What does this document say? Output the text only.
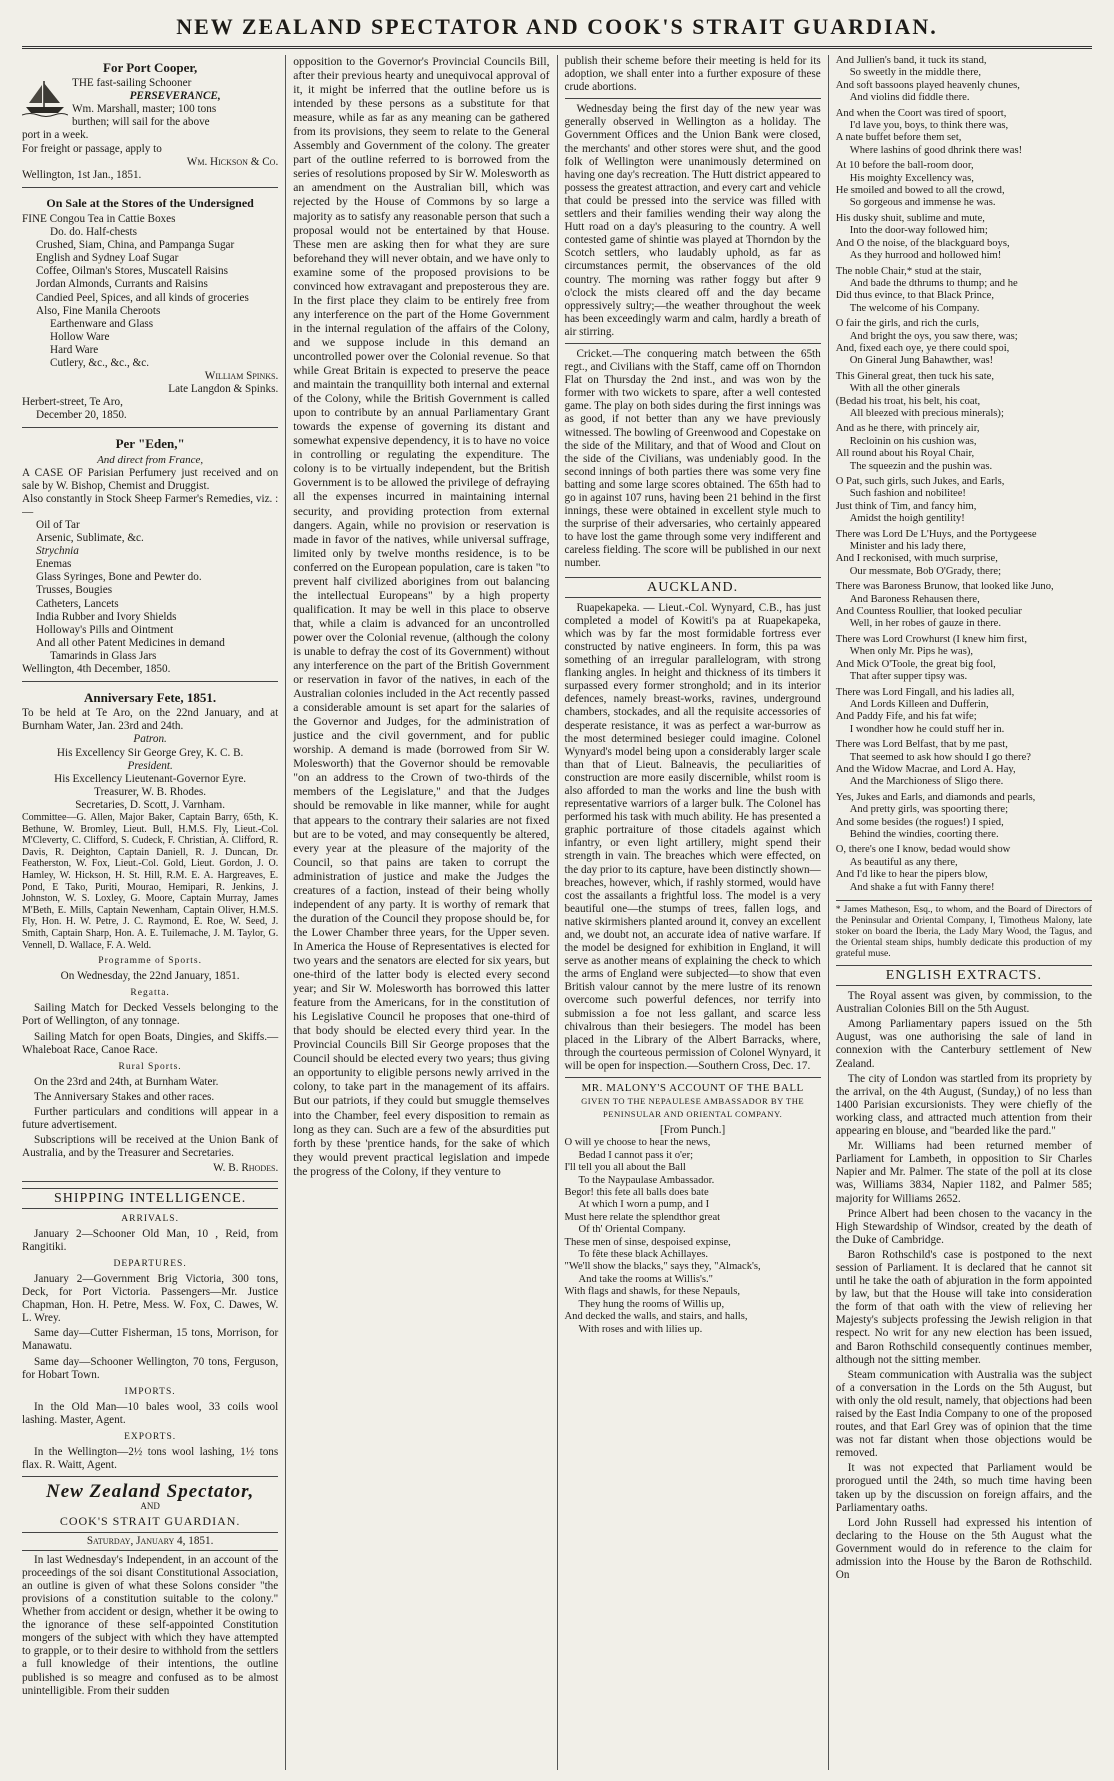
NEW ZEALAND SPECTATOR AND COOK'S STRAIT GUARDIAN.
For Port Cooper,
THE fast-sailing Schooner
PERSEVERANCE,
Wm. Marshall, master; 100 tons
burthen; will sail for the above
port in a week.
For freight or passage, apply to
Wm. Hickson & Co.
Wellington, 1st Jan., 1851.
On Sale at the Stores of the Undersigned
FINE Congou Tea in Cattie Boxes
Do. do. Half-chests
Crushed, Siam, China, and Pampanga Sugar
English and Sydney Loaf Sugar
Coffee, Oilman's Stores, Muscatell Raisins
Jordan Almonds, Currants and Raisins
Candied Peel, Spices, and all kinds of groceries
Also, Fine Manila Cheroots
Earthenware and Glass
Hollow Ware
Hard Ware
Cutlery, &c., &c., &c.
William Spinks.
Late Langdon & Spinks.
Herbert-street, Te Aro,
December 20, 1850.
Per "Eden,"
And direct from France,
A CASE OF Parisian Perfumery just received and on sale by W. Bishop, Chemist and Druggist.
Also constantly in Stock Sheep Farmer's Remedies, viz. :—
Oil of Tar
Arsenic, Sublimate, &c.
Strychnia
Enemas
Glass Syringes, Bone and Pewter do.
Trusses, Bougies
Catheters, Lancets
India Rubber and Ivory Shields
Holloway's Pills and Ointment
And all other Patent Medicines in demand
Tamarinds in Glass Jars
Wellington, 4th December, 1850.
Anniversary Fete, 1851.
To be held at Te Aro, on the 22nd January, and at Burnham Water, Jan. 23rd and 24th.
Patron.
His Excellency Sir George Grey, K. C. B.
President.
His Excellency Lieutenant-Governor Eyre.
Treasurer, W. B. Rhodes.
Secretaries, D. Scott, J. Varnham.
Committee—G. Allen, Major Baker, Captain Barry, 65th, K. Bethune, W. Bromley, Lieut. Bull, H.M.S. Fly, Lieut.-Col. M'Cleverty, C. Clifford, S. Cudeck, F. Christian, A. Clifford, R. Davis, R. Deighton, Captain Daniell, R. J. Duncan, Dr. Featherston, W. Fox, Lieut.-Col. Gold, Lieut. Gordon, J. O. Hamley, W. Hickson, H. St. Hill, R.M. E. A. Hargreaves, E. Pond, E Tako, Puriti, Mourao, Hemipari, R. Jenkins, J. Johnston, W. S. Loxley, G. Moore, Captain Murray, James M'Beth, E. Mills, Captain Newenham, Captain Oliver, H.M.S. Fly, Hon. H. W. Petre, J. C. Raymond, E. Roe, W. Seed, J. Smith, Captain Sharp, Hon. A. E. Tuilemache, J. M. Taylor, G. Vennell, D. Wallace, F. A. Weld.
Programme of Sports.
On Wednesday, the 22nd January, 1851.
Regatta.
Sailing Match for Decked Vessels belonging to the Port of Wellington, of any tonnage.
Sailing Match for open Boats, Dingies, and Skiffs.—Whaleboat Race, Canoe Race.
Rural Sports.
On the 23rd and 24th, at Burnham Water.
The Anniversary Stakes and other races.
Further particulars and conditions will appear in a future advertisement.
Subscriptions will be received at the Union Bank of Australia, and by the Treasurer and Secretaries.
W. B. Rhodes.
SHIPPING INTELLIGENCE.
ARRIVALS.
January 2—Schooner Old Man, 10 , Reid, from Rangitiki.
DEPARTURES.
January 2—Government Brig Victoria, 300 tons, Deck, for Port Victoria. Passengers—Mr. Justice Chapman, Hon. H. Petre, Mess. W. Fox, C. Dawes, W. L. Wrey.
Same day—Cutter Fisherman, 15 tons, Morrison, for Manawatu.
Same day—Schooner Wellington, 70 tons, Ferguson, for Hobart Town.
IMPORTS.
In the Old Man—10 bales wool, 33 coils wool lashing. Master, Agent.
EXPORTS.
In the Wellington—2½ tons wool lashing, 1½ tons flax. R. Waitt, Agent.
New Zealand Spectator,
AND
COOK'S STRAIT GUARDIAN.
Saturday, January 4, 1851.

In last Wednesday's Independent, in an account of the proceedings of the soi disant Constitutional Association, an outline is given of what these Solons consider "the provisions of a constitution suitable to the colony." Whether from accident or design, whether it be owing to the ignorance of these self-appointed Constitution mongers of the subject with which they have attempted to grapple, or to their desire to withhold from the settlers a full knowledge of their intentions, the outline published is so meagre and confused as to be almost unintelligible. From their sudden

opposition to the Governor's Provincial Councils Bill, after their previous hearty and unequivocal approval of it, it might be inferred that the outline before us is intended by these persons as a substitute for that measure, while as far as any meaning can be gathered from its provisions, they seem to relate to the General Assembly and Government of the colony. The greater part of the outline referred to is borrowed from the series of resolutions proposed by Sir W. Molesworth as an amendment on the Australian bill, which was rejected by the House of Commons by so large a majority as to satisfy any reasonable person that such a proposal would not be entertained by that House. These men are asking then for what they are sure beforehand they will never obtain, and we have only to examine some of the proposed provisions to be convinced how extravagant and preposterous they are. In the first place they claim to be entirely free from any interference on the part of the Home Government in the internal regulation of the affairs of the Colony, and we suppose include in this demand an uncontrolled power over the Colonial revenue. So that while Great Britain is expected to preserve the peace and maintain the tranquillity both internal and external of the Colony, while the British Government is called upon to contribute by an annual Parliamentary Grant towards the expense of governing its distant and somewhat expensive dependency, it is to have no voice in controlling or regulating the expenditure. The colony is to be virtually independent, but the British Government is to be allowed the privilege of defraying all the expenses incurred in maintaining internal security, and providing protection from external dangers. Again, while no provision or reservation is made in favor of the natives, while universal suffrage, limited only by twelve months residence, is to be conferred on the European population, care is taken "to prevent half civilized aborigines from out balancing the intellectual Europeans" by a high property qualification. It may be well in this place to observe that, while a claim is advanced for an uncontrolled power over the Colonial revenue, (although the colony is unable to defray the cost of its Government) without any interference on the part of the British Government or reservation in favor of the natives, in each of the Australian colonies included in the Act recently passed a considerable amount is set apart for the salaries of the Governor and Judges, for the administration of justice and the civil government, and for public worship. A demand is made (borrowed from Sir W. Molesworth) that the Governor should be removable "on an address to the Crown of two-thirds of the members of the Legislature," and that the Judges should be removable in like manner, while for aught that appears to the contrary their salaries are not fixed but are to be voted, and may consequently be altered, every year at the pleasure of the majority of the Council, so that pains are taken to corrupt the administration of justice and make the Judges the creatures of a faction, instead of their being wholly independent of any party. It is worthy of remark that the duration of the Council they propose should be, for the Lower Chamber three years, for the Upper seven. In America the House of Representatives is elected for two years and the senators are elected for six years, but one-third of the latter body is elected every second year; and Sir W. Molesworth has borrowed this latter feature from the Americans, for in the constitution of his Legislative Council he proposes that one-third of that body should be elected every third year. In the Provincial Councils Bill Sir George proposes that the Council should be elected every two years; thus giving an opportunity to eligible persons newly arrived in the colony, to take part in the management of its affairs. But our patriots, if they could but smuggle themselves into the Chamber, feel every disposition to remain as long as they can. Such are a few of the absurdities put forth by these 'prentice hands, for the sake of which they would prevent practical legislation and impede the progress of the Colony, if they venture to

publish their scheme before their meeting is held for its adoption, we shall enter into a further exposure of these crude abortions.

Wednesday being the first day of the new year was generally observed in Wellington as a holiday. The Government Offices and the Union Bank were closed, the merchants' and other stores were shut, and the good folk of Wellington were unanimously determined on having one day's recreation. The Hutt district appeared to possess the greatest attraction, and every cart and vehicle that could be pressed into the service was filled with settlers and their families wending their way along the Hutt road on a day's pleasuring to the country. A well contested game of shintie was played at Thorndon by the Scotch settlers, who laudably uphold, as far as circumstances permit, the observances of the old country. The morning was rather foggy but after 9 o'clock the mists cleared off and the day became oppressively sultry;—the weather throughout the week has been exceedingly warm and calm, hardly a breath of air stirring.

Cricket.—The conquering match between the 65th regt., and Civilians with the Staff, came off on Thorndon Flat on Thursday the 2nd inst., and was won by the former with two wickets to spare, after a well contested game. The play on both sides during the first innings was as good, if not better than any we have previously witnessed. The bowling of Greenwood and Copestake on the side of the Military, and that of Wood and Clout on the side of the Civilians, was undeniably good. In the second innings of both parties there was some very fine batting and some large scores obtained. The 65th had to go in against 107 runs, having been 21 behind in the first innings, these were obtained in excellent style much to the surprise of their adversaries, who certainly appeared to have lost the game through some very indifferent and careless fielding. The score will be published in our next number.

AUCKLAND.

Ruapekapeka. — Lieut.-Col. Wynyard, C.B., has just completed a model of Kowiti's pa at Ruapekapeka, which was by far the most formidable fortress ever constructed by native engineers. In form, this pa was something of an irregular parallelogram, with strong flanking angles. In height and thickness of its timbers it surpassed every former stronghold; and in its interior defences, namely breast-works, ravines, underground chambers, stockades, and all the requisite accessories of desperate resistance, it was as perfect a war-burrow as the most determined besieger could imagine. Colonel Wynyard's model being upon a considerably larger scale than that of Lieut. Balneavis, the peculiarities of construction are more easily discernible, whilst room is also afforded to man the works and line the bush with representative warriors of a larger bulk. The Colonel has performed his task with much ability. He has presented a graphic portraiture of those citadels against which infantry, or even light artillery, might spend their strength in vain. The breaches which were effected, on the day prior to its capture, have been distinctly shown—breaches, however, which, if rashly stormed, would have cost the assailants a frightful loss. The model is a very beautiful one—the stumps of trees, fallen logs, and native skirmishers planted around it, convey an excellent and, we doubt not, an accurate idea of native warfare. If the model be designed for exhibition in England, it will serve as another means of explaining the check to which the arms of England were subjected—to show that even British valour cannot by the mere lustre of its renown overcome such powerful defences, nor terrify into submission a foe not less gallant, and scarce less chivalrous than their besiegers. The model has been placed in the Library of the Albert Barracks, where, through the courteous permission of Colonel Wynyard, it will be open for inspection.—Southern Cross, Dec. 17.

MR. MALONY'S ACCOUNT OF THE BALL
GIVEN TO THE NEPAULESE AMBASSADOR BY THE PENINSULAR AND ORIENTAL COMPANY.
[From Punch.]
O will ye choose to hear the news,
Bedad I cannot pass it o'er;
I'll tell you all about the Ball
To the Naypaulase Ambassador.
Begor! this fete all balls does bate
At which I worn a pump, and I
Must here relate the splendthor great
Of th' Oriental Company.
These men of sinse, despoised expinse,
To fête these black Achillayes.
"We'll show the blacks," says they, "Almack's,
And take the rooms at Willis's."
With flags and shawls, for these Nepauls,
They hung the rooms of Willis up,
And decked the walls, and stairs, and halls,
With roses and with lilies up.
And Jullien's band, it tuck its stand,
So sweetly in the middle there,
And soft bassoons played heavenly chunes,
And violins did fiddle there.
And when the Coort was tired of spoort,
I'd lave you, boys, to think there was,
A nate buffet before them set,
Where lashins of good dhrink there was!
At 10 before the ball-room door,
His moighty Excellency was,
He smoiled and bowed to all the crowd,
So gorgeous and immense he was.
His dusky shuit, sublime and mute,
Into the door-way followed him;
And O the noise, of the blackguard boys,
As they hurrood and hollowed him!
The noble Chair,* stud at the stair,
And bade the dthrums to thump; and he
Did thus evince, to that Black Prince,
The welcome of his Company.
O fair the girls, and rich the curls,
And bright the oys, you saw there, was;
And, fixed each oye, ye there could spoi,
On Gineral Jung Bahawther, was!
This Gineral great, then tuck his sate,
With all the other ginerals
(Bedad his troat, his belt, his coat,
All bleezed with precious minerals);
And as he there, with princely air,
Recloinin on his cushion was,
All round about his Royal Chair,
The squeezin and the pushin was.
O Pat, such girls, such Jukes, and Earls,
Such fashion and nobilitee!
Just think of Tim, and fancy him,
Amidst the hoigh gentility!
There was Lord De L'Huys, and the Portygeese
Minister and his lady there,
And I reckonised, with much surprise,
Our messmate, Bob O'Grady, there;
There was Baroness Brunow, that looked like Juno,
And Baroness Rehausen there,
And Countess Roullier, that looked peculiar
Well, in her robes of gauze in there.
There was Lord Crowhurst (I knew him first,
When only Mr. Pips he was),
And Mick O'Toole, the great big fool,
That after supper tipsy was.
There was Lord Fingall, and his ladies all,
And Lords Killeen and Dufferin,
And Paddy Fife, and his fat wife;
I wondher how he could stuff her in.
There was Lord Belfast, that by me past,
That seemed to ask how should I go there?
And the Widow Macrae, and Lord A. Hay,
And the Marchioness of Sligo there.
Yes, Jukes and Earls, and diamonds and pearls,
And pretty girls, was spoorting there;
And some besides (the rogues!) I spied,
Behind the windies, coorting there.
O, there's one I know, bedad would show
As beautiful as any there,
And I'd like to hear the pipers blow,
And shake a fut with Fanny there!
* James Matheson, Esq., to whom, and the Board of Directors of the Peninsular and Oriental Company, I, Timotheus Malony, late stoker on board the Iberia, the Lady Mary Wood, the Tagus, and the Oriental steam ships, humbly dedicate this production of my grateful muse.
ENGLISH EXTRACTS.

The Royal assent was given, by commission, to the Australian Colonies Bill on the 5th August.

Among Parliamentary papers issued on the 5th August, was one authorising the sale of land in connexion with the Canterbury settlement of New Zealand.

The city of London was startled from its propriety by the arrival, on the 4th August, (Sunday,) of no less than 1400 Parisian excursionists. They were chiefly of the working class, and attracted much attention from their appearing en blouse, and "bearded like the pard."

Mr. Williams had been returned member of Parliament for Lambeth, in opposition to Sir Charles Napier and Mr. Palmer. The state of the poll at its close was, Williams 3834, Napier 1182, and Palmer 585; majority for Williams 2652.

Prince Albert had been chosen to the vacancy in the High Stewardship of Windsor, created by the death of the Duke of Cambridge.

Baron Rothschild's case is postponed to the next session of Parliament. It is declared that he cannot sit until he take the oath of abjuration in the form appointed by law, but that the House will take into consideration the form of that oath with the view of relieving her Majesty's subjects professing the Jewish religion in that respect. No writ for any new election has been issued, and Baron Rothschild consequently continues member, although not the sitting member.

Steam communication with Australia was the subject of a conversation in the Lords on the 5th August, but with only the old result, namely, that objections had been raised by the East India Company to one of the proposed routes, and that Earl Grey was of opinion that the time was not far distant when those objections would be removed.

It was not expected that Parliament would be prorogued until the 24th, so much time having been taken up by the discussion on foreign affairs, and the Parliamentary oaths.

Lord John Russell had expressed his intention of declaring to the House on the 5th August what the Government would do in reference to the claim for admission into the House by the Baron de Rothschild. On
